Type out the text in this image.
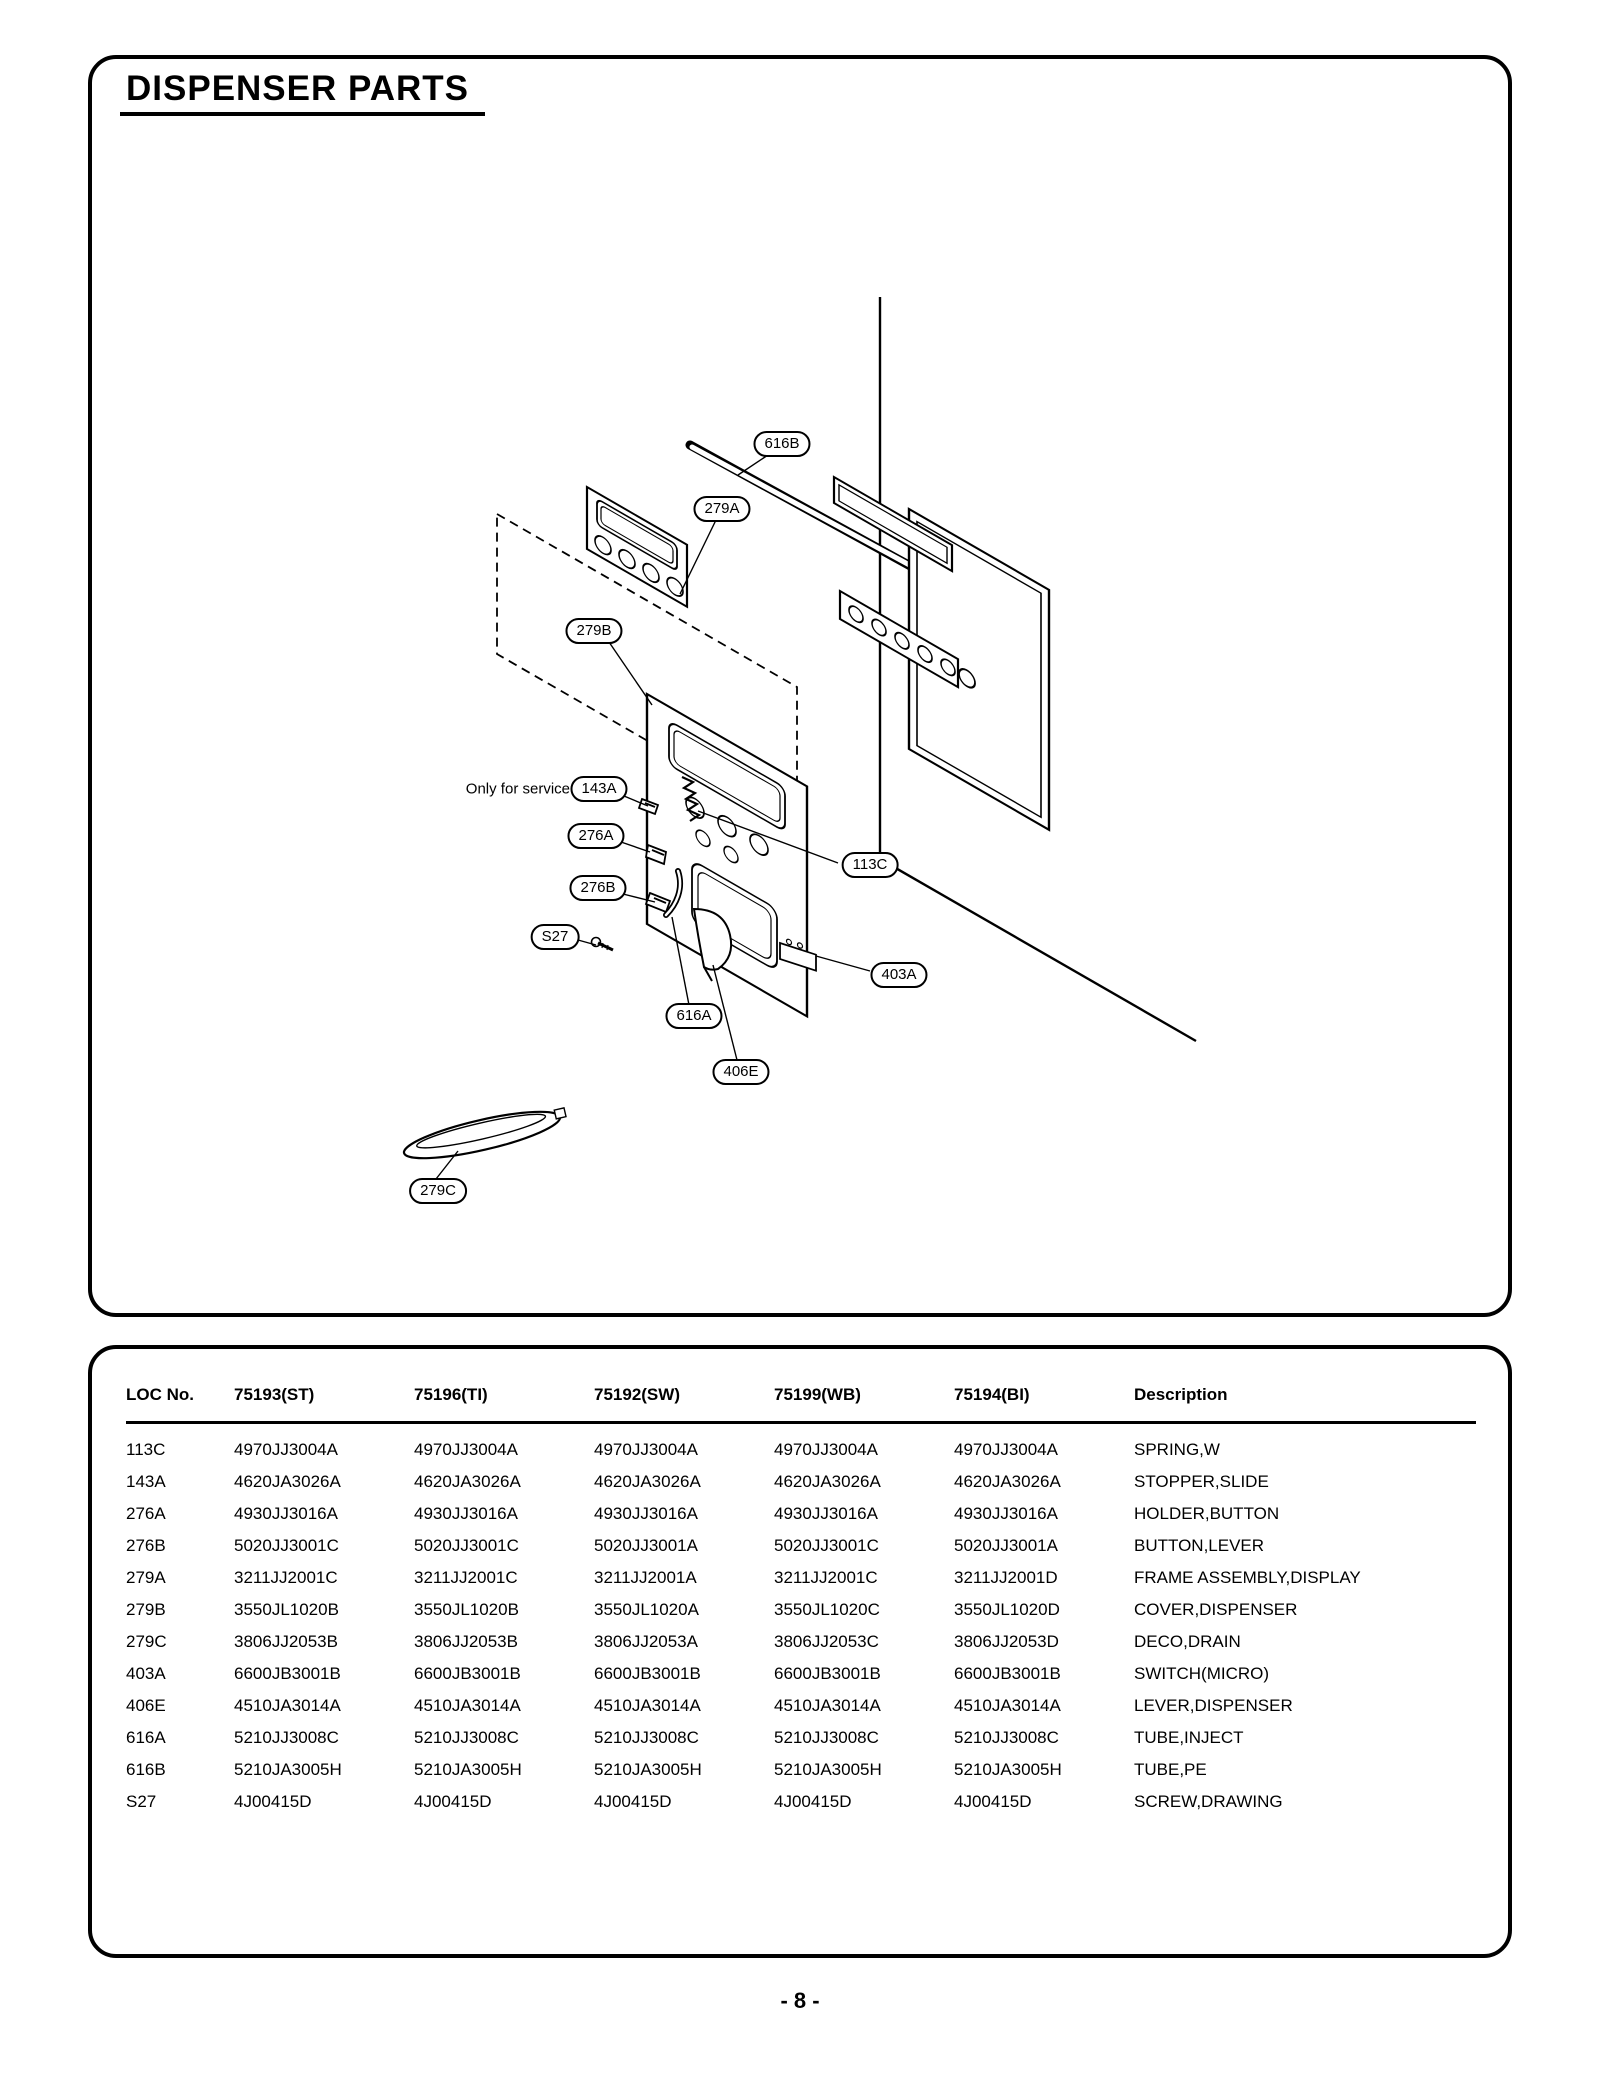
616B
279A
279B
143A
276A
276B
S27
113C
403A
616A
406E
279C
Only for service
DISPENSER PARTS
LOC No.	75193(ST)	75196(TI)	75192(SW)	75199(WB)	75194(BI)	Description
113C	4970JJ3004A	4970JJ3004A	4970JJ3004A	4970JJ3004A	4970JJ3004A	SPRING,W
143A	4620JA3026A	4620JA3026A	4620JA3026A	4620JA3026A	4620JA3026A	STOPPER,SLIDE
276A	4930JJ3016A	4930JJ3016A	4930JJ3016A	4930JJ3016A	4930JJ3016A	HOLDER,BUTTON
276B	5020JJ3001C	5020JJ3001C	5020JJ3001A	5020JJ3001C	5020JJ3001A	BUTTON,LEVER
279A	3211JJ2001C	3211JJ2001C	3211JJ2001A	3211JJ2001C	3211JJ2001D	FRAME ASSEMBLY,DISPLAY
279B	3550JL1020B	3550JL1020B	3550JL1020A	3550JL1020C	3550JL1020D	COVER,DISPENSER
279C	3806JJ2053B	3806JJ2053B	3806JJ2053A	3806JJ2053C	3806JJ2053D	DECO,DRAIN
403A	6600JB3001B	6600JB3001B	6600JB3001B	6600JB3001B	6600JB3001B	SWITCH(MICRO)
406E	4510JA3014A	4510JA3014A	4510JA3014A	4510JA3014A	4510JA3014A	LEVER,DISPENSER
616A	5210JJ3008C	5210JJ3008C	5210JJ3008C	5210JJ3008C	5210JJ3008C	TUBE,INJECT
616B	5210JA3005H	5210JA3005H	5210JA3005H	5210JA3005H	5210JA3005H	TUBE,PE
S27	4J00415D	4J00415D	4J00415D	4J00415D	4J00415D	SCREW,DRAWING
- 8 -
